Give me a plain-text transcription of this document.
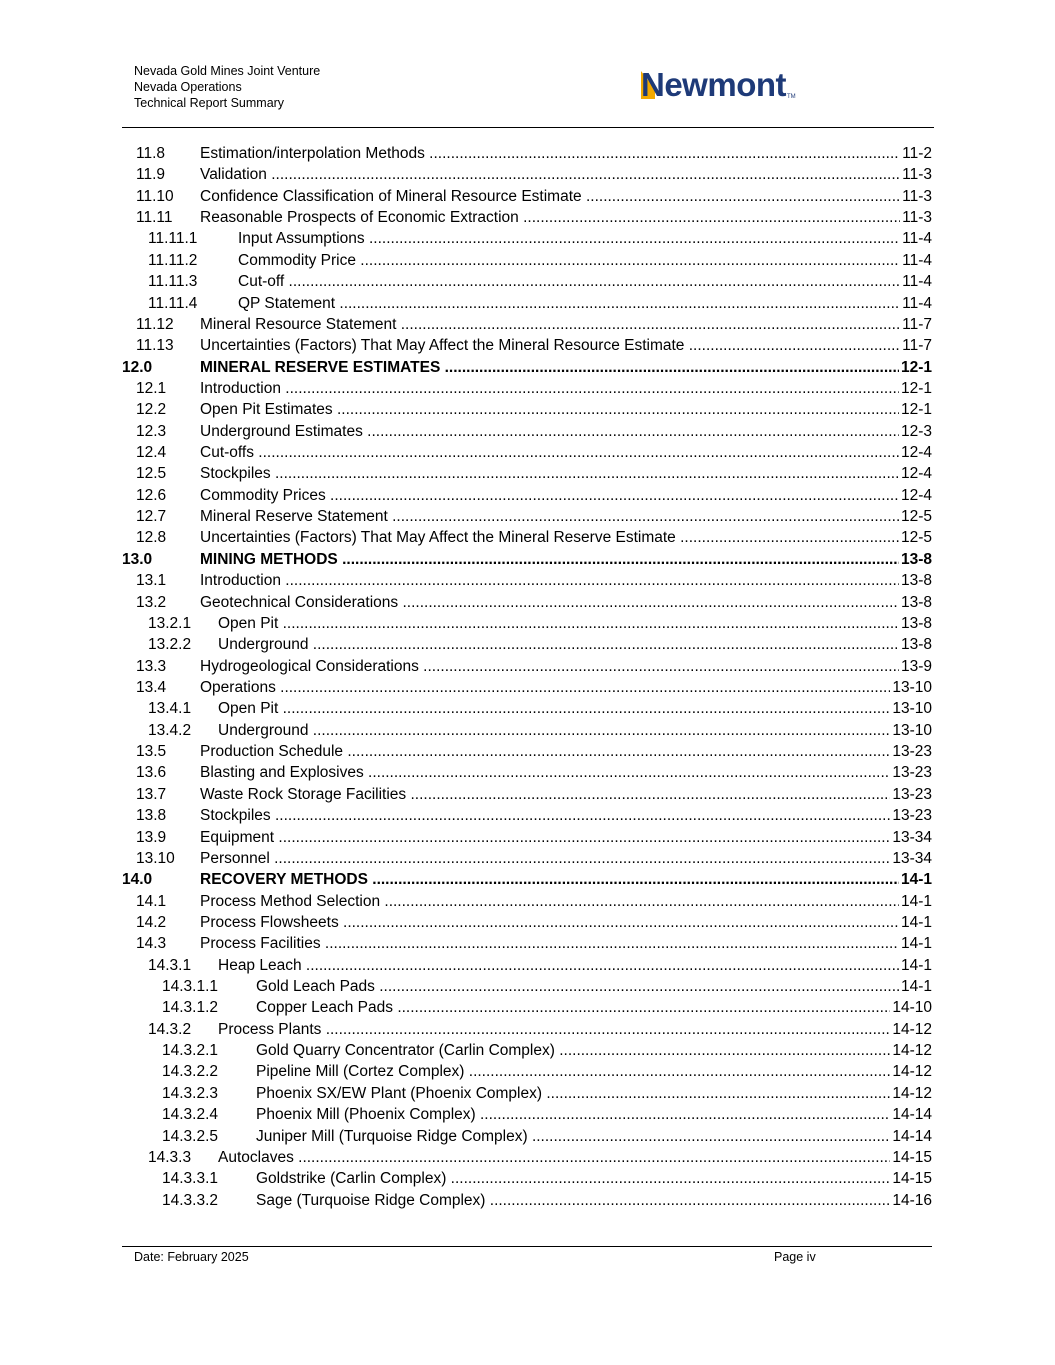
Nevada Gold Mines Joint Venture
Nevada Operations
Technical Report Summary	NewmontTM
11.8 Estimation/interpolation Methods .....	11-2
11.9 Validation .....	11-3
11.10 Confidence Classification of Mineral Resource Estimate .....	11-3
11.11 Reasonable Prospects of Economic Extraction .....	11-3
11.11.1	Input Assumptions .....	11-4
11.11.2	Commodity Price .....	11-4
11.11.3	Cut-off .....	11-4
11.11.4	QP Statement .....	11-4
11.12 Mineral Resource Statement .....	11-7
11.13 Uncertainties (Factors) That May Affect the Mineral Resource Estimate .....	11-7
12.0	MINERAL RESERVE ESTIMATES .....	12-1
12.1 Introduction .....	12-1
12.2 Open Pit Estimates .....	12-1
12.3 Underground Estimates .....	12-3
12.4 Cut-offs .....	12-4
12.5 Stockpiles .....	12-4
12.6 Commodity Prices .....	12-4
12.7 Mineral Reserve Statement .....	12-5
12.8 Uncertainties (Factors) That May Affect the Mineral Reserve Estimate .....	12-5
13.0	MINING METHODS .....	13-8
13.1 Introduction .....	13-8
13.2 Geotechnical Considerations .....	13-8
13.2.1 Open Pit .....	13-8
13.2.2 Underground .....	13-8
13.3 Hydrogeological Considerations .....	13-9
13.4 Operations .....	13-10
13.4.1 Open Pit .....	13-10
13.4.2 Underground .....	13-10
13.5 Production Schedule .....	13-23
13.6 Blasting and Explosives .....	13-23
13.7 Waste Rock Storage Facilities .....	13-23
13.8 Stockpiles .....	13-23
13.9 Equipment .....	13-34
13.10 Personnel .....	13-34
14.0	RECOVERY METHODS .....	14-1
14.1 Process Method Selection .....	14-1
14.2 Process Flowsheets .....	14-1
14.3 Process Facilities .....	14-1
14.3.1 Heap Leach .....	14-1
14.3.1.1 Gold Leach Pads .....	14-1
14.3.1.2 Copper Leach Pads .....	14-10
14.3.2 Process Plants .....	14-12
14.3.2.1 Gold Quarry Concentrator (Carlin Complex) .....	14-12
14.3.2.2 Pipeline Mill (Cortez Complex) .....	14-12
14.3.2.3 Phoenix SX/EW Plant (Phoenix Complex) .....	14-12
14.3.2.4 Phoenix Mill (Phoenix Complex) .....	14-14
14.3.2.5 Juniper Mill (Turquoise Ridge Complex) .....	14-14
14.3.3 Autoclaves .....	14-15
14.3.3.1 Goldstrike (Carlin Complex) .....	14-15
14.3.3.2 Sage (Turquoise Ridge Complex) .....	14-16
Date: February 2025	Page iv
